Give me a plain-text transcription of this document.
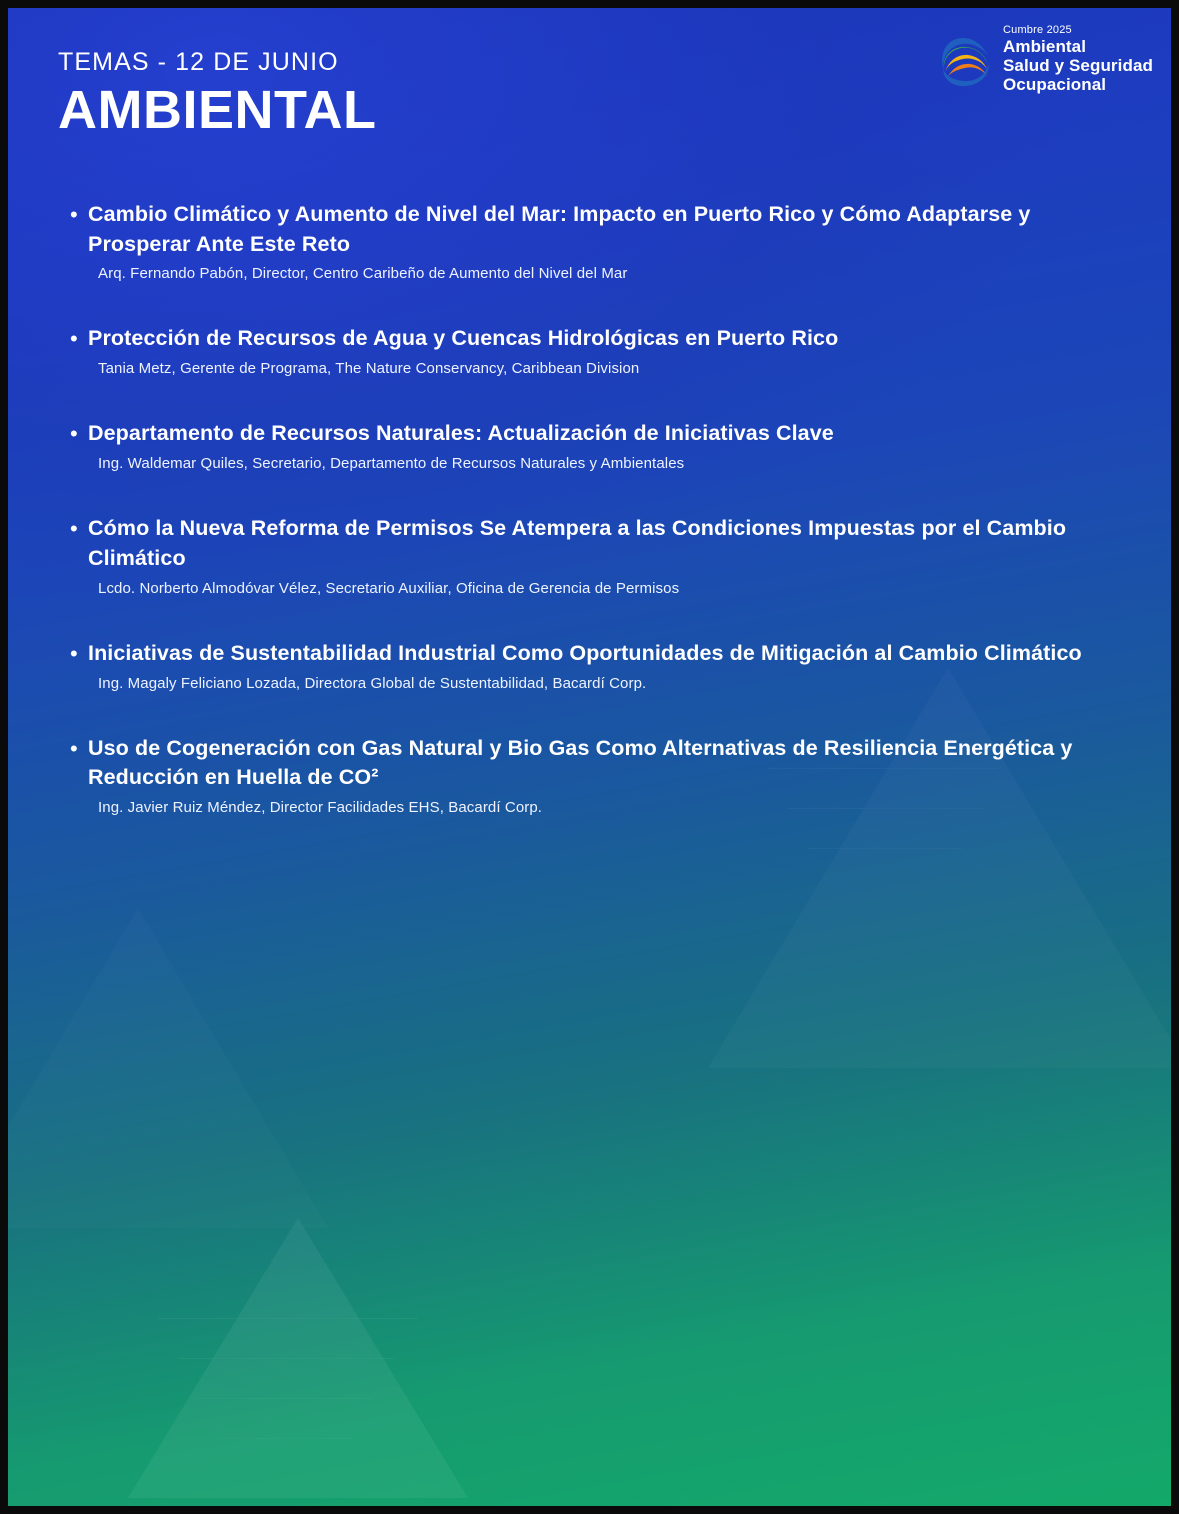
TEMAS - 12 DE JUNIO

AMBIENTAL
Cumbre 2025
Ambiental
Salud y Seguridad
Ocupacional
• Cambio Climático y Aumento de Nivel del Mar: Impacto en Puerto Rico y Cómo Adaptarse y Prosperar Ante Este Reto
Arq. Fernando Pabón, Director, Centro Caribeño de Aumento del Nivel del Mar
• Protección de Recursos de Agua y Cuencas Hidrológicas en Puerto Rico
Tania Metz, Gerente de Programa, The Nature Conservancy, Caribbean Division
• Departamento de Recursos Naturales: Actualización de Iniciativas Clave
Ing. Waldemar Quiles, Secretario, Departamento de Recursos Naturales y Ambientales
• Cómo la Nueva Reforma de Permisos Se Atempera a las Condiciones Impuestas por el Cambio Climático
Lcdo. Norberto Almodóvar Vélez, Secretario Auxiliar, Oficina de Gerencia de Permisos
• Iniciativas de Sustentabilidad Industrial Como Oportunidades de Mitigación al Cambio Climático
Ing. Magaly Feliciano Lozada, Directora Global de Sustentabilidad, Bacardí Corp.
• Uso de Cogeneración con Gas Natural y Bio Gas Como Alternativas de Resiliencia Energética y Reducción en Huella de CO²
Ing. Javier Ruiz Méndez, Director Facilidades EHS, Bacardí Corp.
